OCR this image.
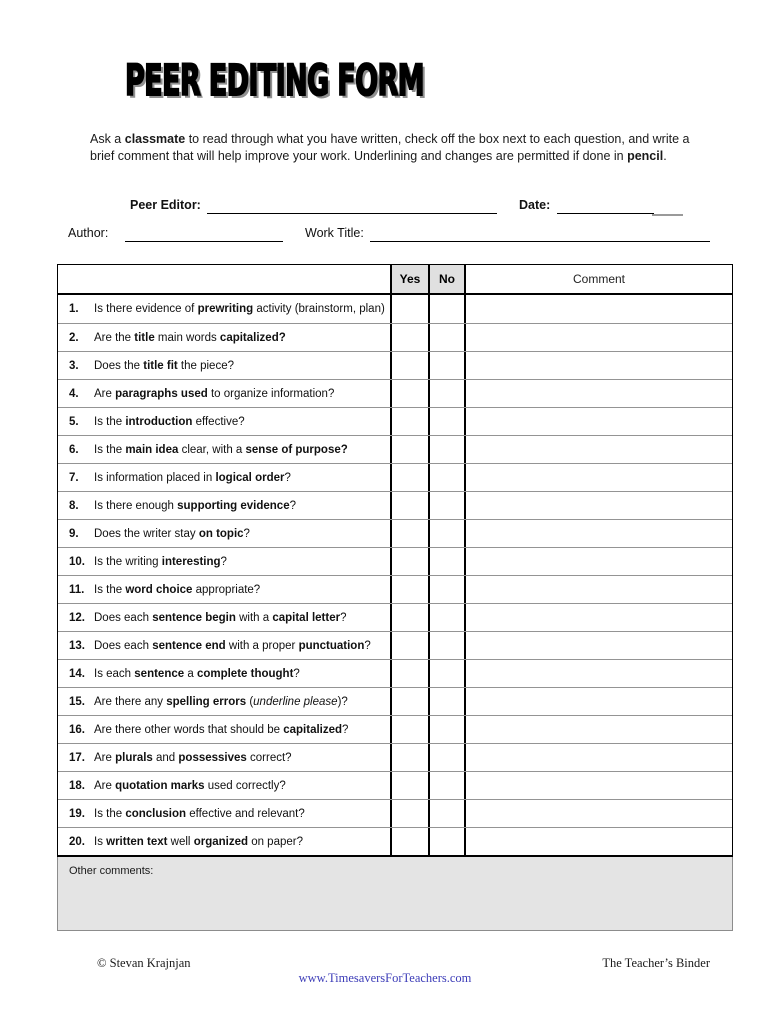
PEER EDITING FORM
Ask a classmate to read through what you have written, check off the box next to each question, and write a
brief comment that will help improve your work. Underlining and changes are permitted if done in pencil.
Peer Editor:	Date:
Author:	Work Title:
Yes	No	Comment
1.	Is there evidence of prewriting activity (brainstorm, plan)
2.	Are the title main words capitalized?
3.	Does the title fit the piece?
4.	Are paragraphs used to organize information?
5.	Is the introduction effective?
6.	Is the main idea clear, with a sense of purpose?
7.	Is information placed in logical order?
8.	Is there enough supporting evidence?
9.	Does the writer stay on topic?
10. Is the writing interesting?
11. Is the word choice appropriate?
12. Does each sentence begin with a capital letter?
13. Does each sentence end with a proper punctuation?
14. Is each sentence a complete thought?
15. Are there any spelling errors (underline please)?
16. Are there other words that should be capitalized?
17. Are plurals and possessives correct?
18. Are quotation marks used correctly?
19. Is the conclusion effective and relevant?
20. Is written text well organized on paper?
Other comments:
© Stevan Krajnjan	The Teacher’s Binder
www.TimesaversForTeachers.com
